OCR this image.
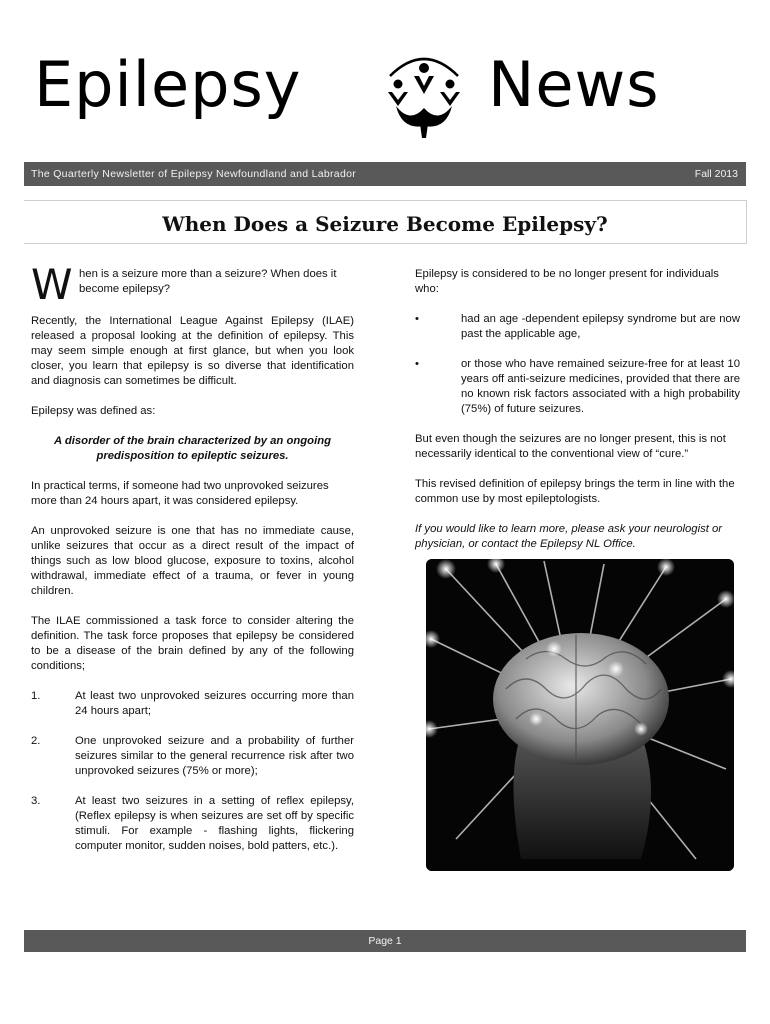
Epilepsy	News
The Quarterly Newsletter of Epilepsy Newfoundland and Labrador	Fall 2013
When Does a Seizure Become Epilepsy?
W hen is a seizure more than a seizure? When does it become epilepsy?

Recently, the International League Against Epilepsy (ILAE) released a proposal looking at the definition of epilepsy. This may seem simple enough at first glance, but when you look closer, you learn that epilepsy is so diverse that identification and diagnosis can sometimes be difficult.

Epilepsy was defined as:

A disorder of the brain characterized by an ongoing predisposition to epileptic seizures.

In practical terms, if someone had two unprovoked seizures more than 24 hours apart, it was considered epilepsy.

An unprovoked seizure is one that has no immediate cause, unlike seizures that occur as a direct result of the impact of things such as low blood glucose, exposure to toxins, alcohol withdrawal, immediate effect of a trauma, or fever in young children.

The ILAE commissioned a task force to consider altering the definition. The task force proposes that epilepsy be considered to be a disease of the brain defined by any of the following conditions;

1.	At least two unprovoked seizures occurring more than 24 hours apart;
2.	One unprovoked seizure and a probability of further seizures similar to the general recurrence risk after two unprovoked seizures (75% or more);
3.	At least two seizures in a setting of reflex epilepsy, (Reflex epilepsy is when seizures are set off by specific stimuli. For example - flashing lights, flickering computer monitor, sudden noises, bold patters, etc.).

Epilepsy is considered to be no longer present for individuals who:

•	had an age -dependent epilepsy syndrome but are now past the applicable age,
•	or those who have remained seizure-free for at least 10 years off anti-seizure medicines, provided that there are no known risk factors associated with a high probability (75%) of future seizures.

But even though the seizures are no longer present, this is not necessarily identical to the conventional view of “cure.”

This revised definition of epilepsy brings the term in line with the common use by most epileptologists.

If you would like to learn more, please ask your neurologist or physician, or contact the Epilepsy NL Office.

Page 1
